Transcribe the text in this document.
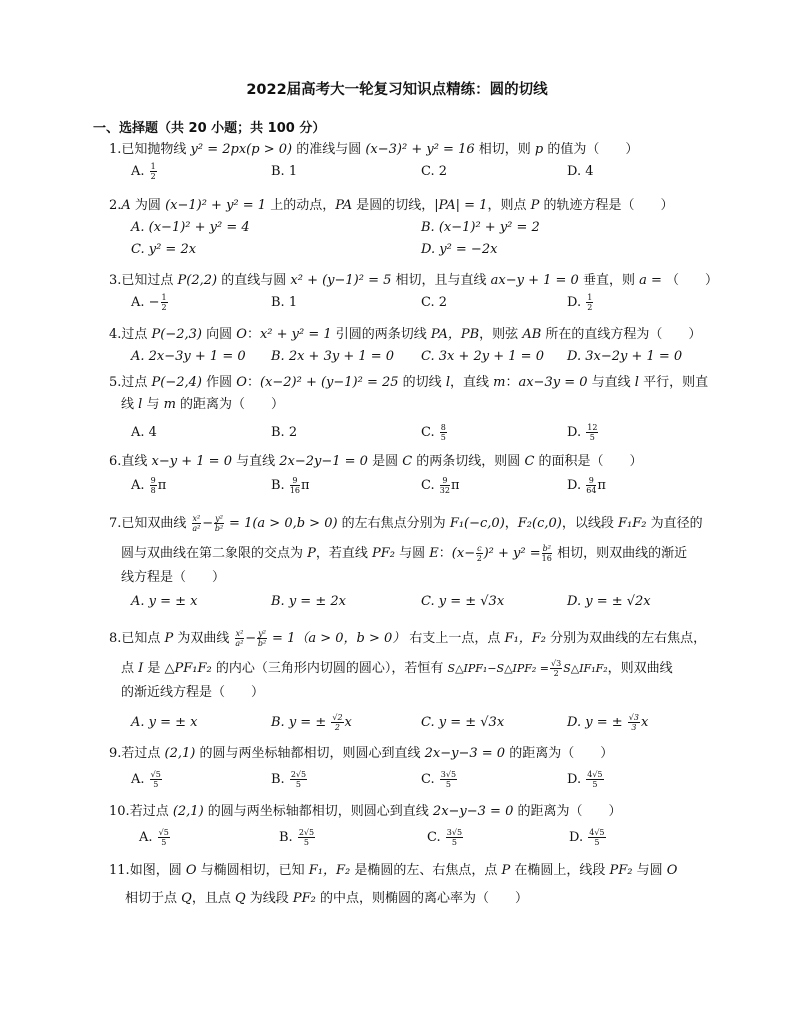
2022届高考大一轮复习知识点精练：圆的切线
一、选择题（共 20 小题；共 100 分）
1.已知抛物线 y² = 2px(p > 0) 的准线与圆 (x−3)² + y² = 16 相切，则 p 的值为（　　）
A. $\frac{1}{2}$	B. 1	C. 2	D. 4
2.A 为圆 (x−1)² + y² = 1 上的动点，PA 是圆的切线，|PA| = 1，则点 P 的轨迹方程是（　　）
A. (x−1)² + y² = 4	B. (x−1)² + y² = 2
C. y² = 2x	D. y² = −2x
3.已知过点 P(2,2) 的直线与圆 x² + (y−1)² = 5 相切，且与直线 ax−y + 1 = 0 垂直，则 a = （　　）
A. − $\frac{1}{2}$	B. 1	C. 2	D. $\frac{1}{2}$
4.过点 P(−2,3) 向圆 O：x² + y² = 1 引圆的两条切线 PA，PB，则弦 AB 所在的直线方程为（　　）
A. 2x−3y + 1 = 0 B. 2x + 3y + 1 = 0 C. 3x + 2y + 1 = 0 D. 3x−2y + 1 = 0
5.过点 P(−2,4) 作圆 O：(x−2)² + (y−1)² = 25 的切线 l，直线 m：ax−3y = 0 与直线 l 平行，则直
线 l 与 m 的距离为（　　）
A. 4	B. 2	C. $\frac{8}{5}$	D. $\frac{12}{5}$
6.直线 x−y + 1 = 0 与直线 2x−2y−1 = 0 是圆 C 的两条切线，则圆 C 的面积是（　　）
A. $\frac{9}{8}$ π	B. $\frac{9}{16}$ π	C. $\frac{9}{32}$ π	D. $\frac{9}{64}$ π
7.已知双曲线 $\frac{\text{x²}}{\text{a²}} - \frac{\text{y²}}{\text{b²}} = 1(a > 0,b > 0)$ 的左右焦点分别为 F₁(−c,0)，F₂(c,0)，以线段 F₁F₂ 为直径的
圆与双曲线在第二象限的交点为 P，若直线 PF₂ 与圆 E：$(x- \frac{c}{2} )^2 + y^2 = \frac{\text{b²}}{16}$ 相切，则双曲线的渐近
线方程是（　　）
A. y = ± x	B. y = ± 2x	C. y = ± √3x	D. y = ± √2x
8.已知点 P 为双曲线 $\frac{\text{x²}}{\text{a²}} - \frac{\text{y²}}{\text{b²}} = 1(a > 0$，b > 0） 右支上一点，点 F₁，F₂ 分别为双曲线的左右焦点，
点 I 是 △PF₁F₂ 的内心（三角形内切圆的圆心），若恒有 S△IPF₁−S△IPF₂ = $\frac{√3}{2}$ S△IF₁F₂，则双曲线
的渐近线方程是（　　）
A. y = ± x	B. y = ± $\frac{√2}{2}$ x	C. y = ± √3x	D. y = ± $\frac{√3}{3}$ x
9.若过点 (2,1) 的圆与两坐标轴都相切，则圆心到直线 2x−y−3 = 0 的距离为（　　）
A. $\frac{√5}{5}$	B. $\frac{2√5}{5}$	C. $\frac{3√5}{5}$	D. $\frac{4√5}{5}$
10.若过点 (2,1) 的圆与两坐标轴都相切，则圆心到直线 2x−y−3 = 0 的距离为（　　）
A. $\frac{√5}{5}$	B. $\frac{2√5}{5}$	C. $\frac{3√5}{5}$	D. $\frac{4√5}{5}$
11.如图，圆 O 与椭圆相切，已知 F₁，F₂ 是椭圆的左、右焦点，点 P 在椭圆上，线段 PF₂ 与圆 O
相切于点 Q，且点 Q 为线段 PF₂ 的中点，则椭圆的离心率为（　　）
